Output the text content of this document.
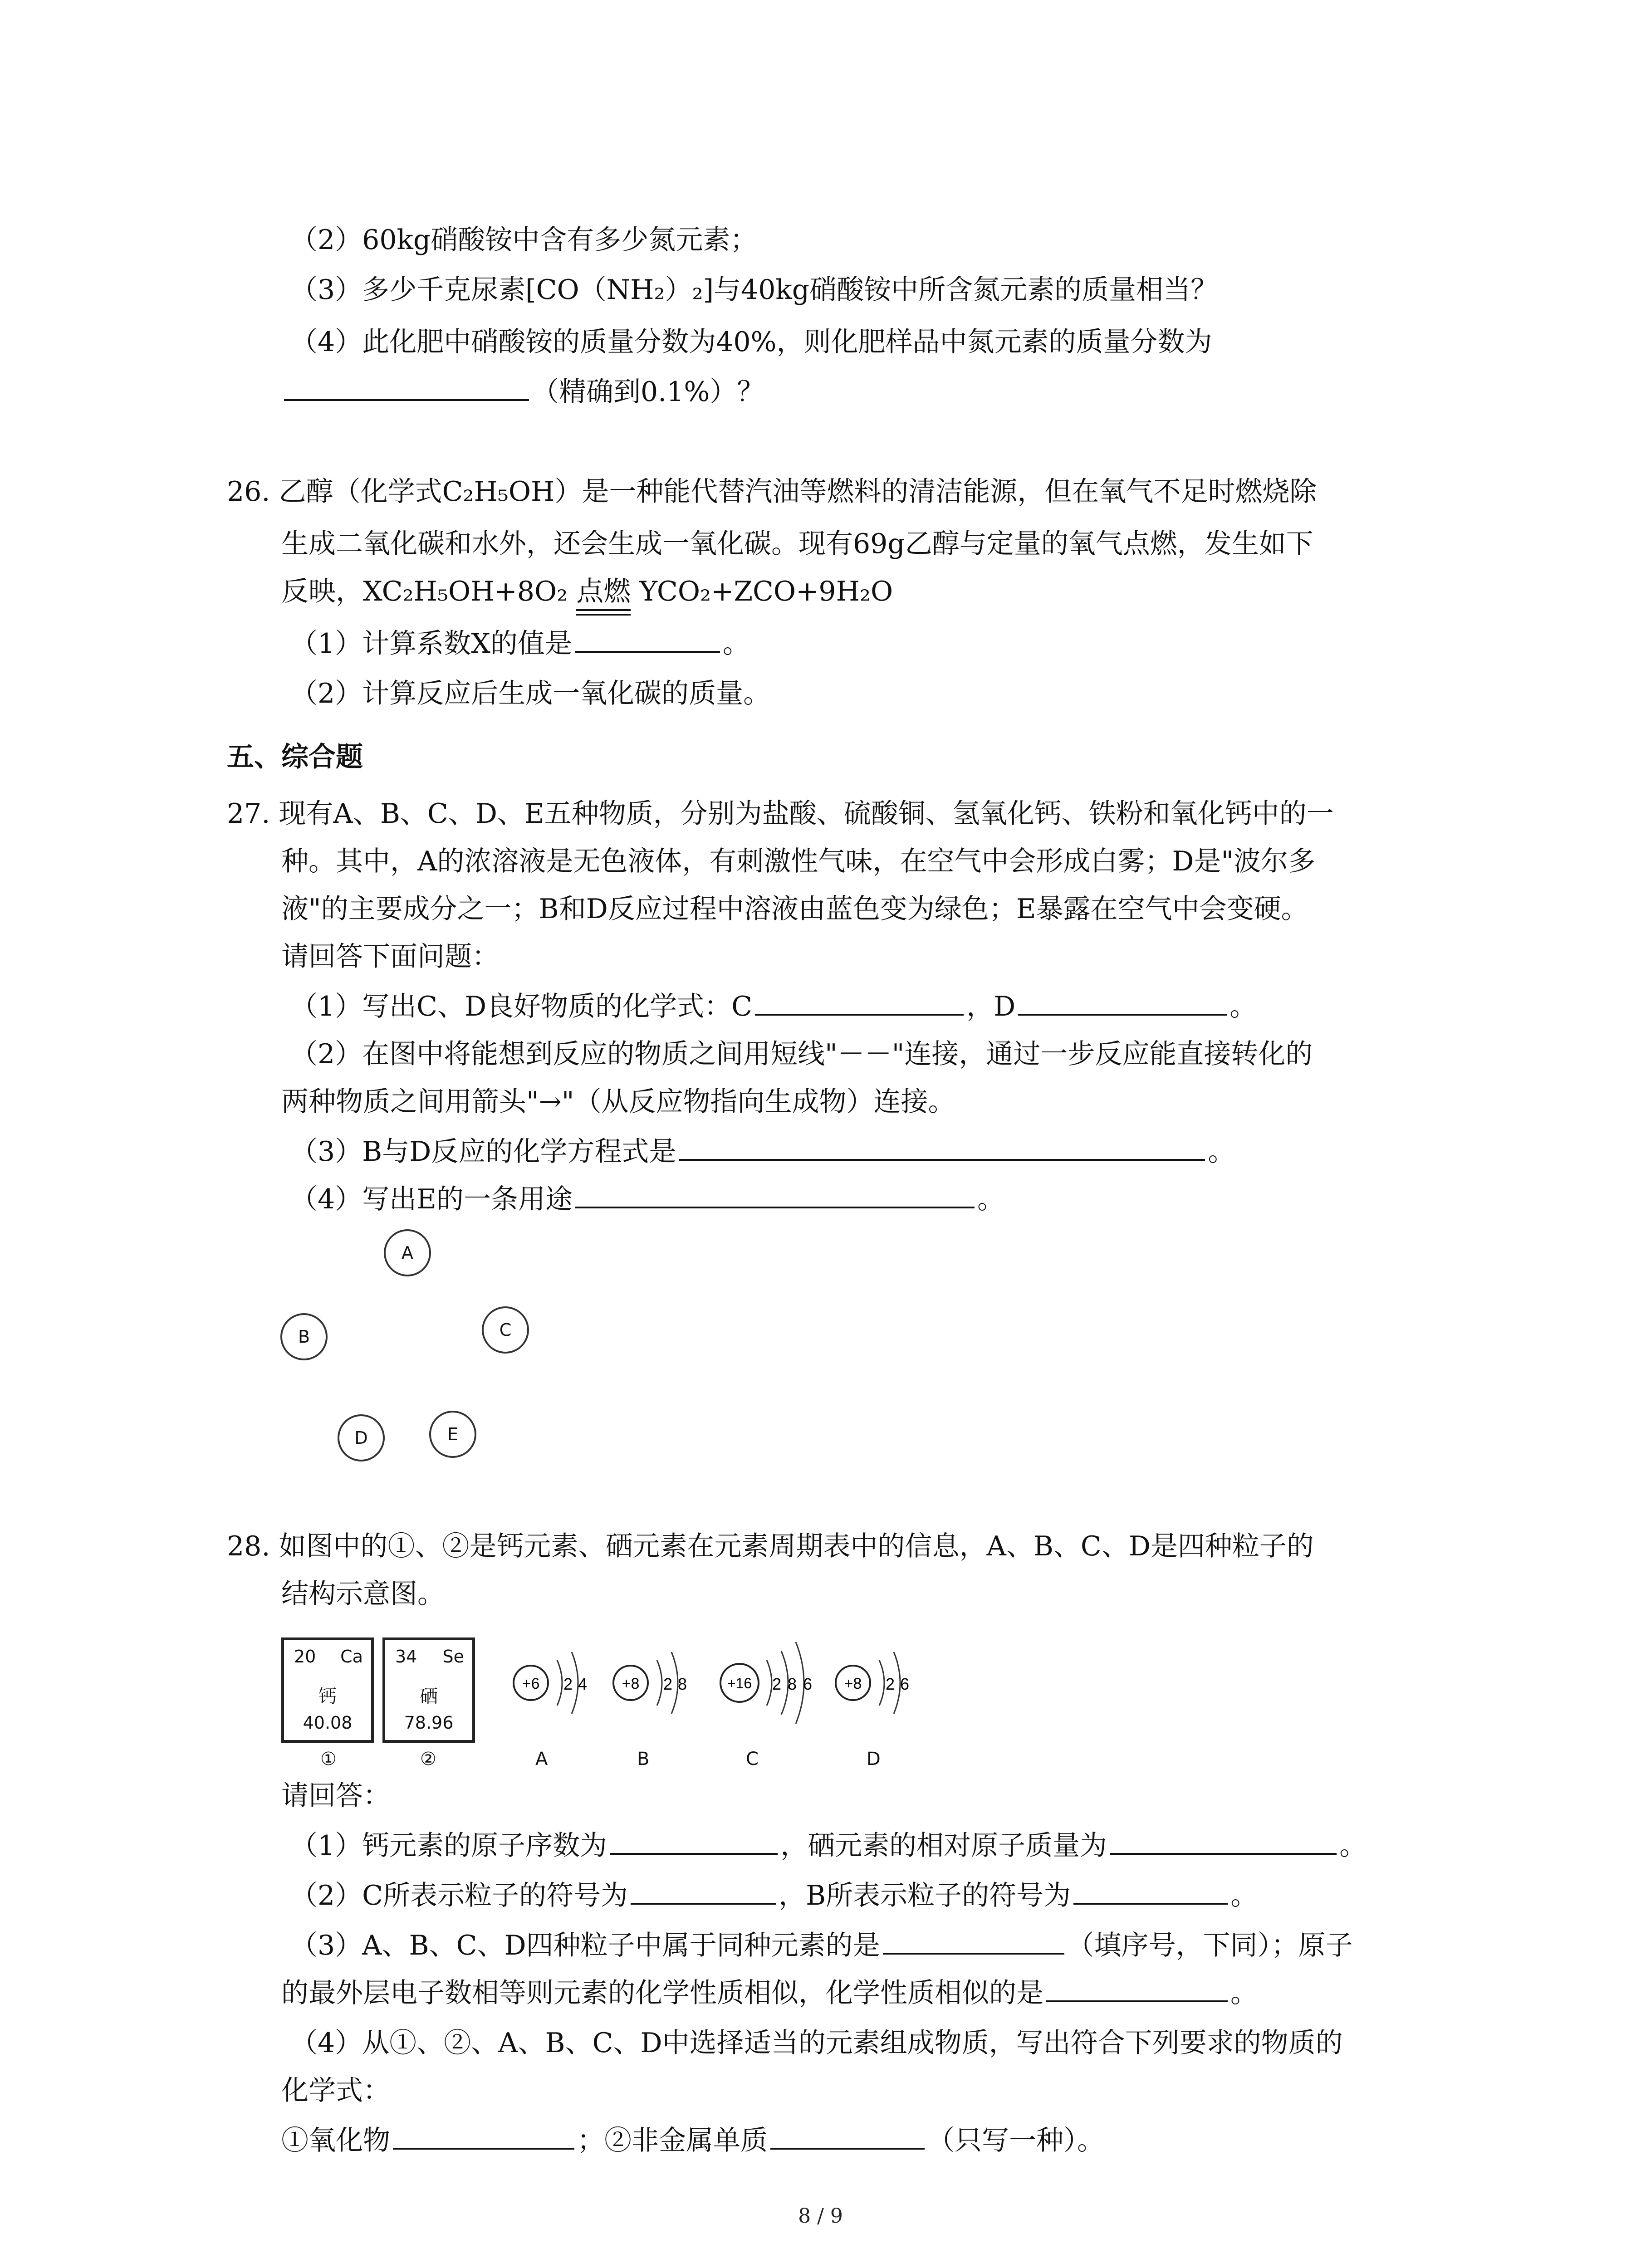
（2）60kg硝酸铵中含有多少氮元素；
（3）多少千克尿素[CO（NH₂）₂]与40kg硝酸铵中所含氮元素的质量相当？
（4）此化肥中硝酸铵的质量分数为40%，则化肥样品中氮元素的质量分数为
（精确到0.1%）？
26. 乙醇（化学式C₂H₅OH）是一种能代替汽油等燃料的清洁能源，但在氧气不足时燃烧除
生成二氧化碳和水外，还会生成一氧化碳。现有69g乙醇与定量的氧气点燃，发生如下
反映，XC₂H₅OH+8O₂ 点燃 YCO₂+ZCO+9H₂O
（1）计算系数X的值是	。
（2）计算反应后生成一氧化碳的质量。
五、综合题
27. 现有A、B、C、D、E五种物质，分别为盐酸、硫酸铜、氢氧化钙、铁粉和氧化钙中的一
种。其中，A的浓溶液是无色液体，有刺激性气味，在空气中会形成白雾；D是"波尔多
液"的主要成分之一；B和D反应过程中溶液由蓝色变为绿色；E暴露在空气中会变硬。
请回答下面问题：
（1）写出C、D良好物质的化学式：C	，D	。
（2）在图中将能想到反应的物质之间用短线"－－"连接，通过一步反应能直接转化的
两种物质之间用箭头"→"（从反应物指向生成物）连接。
（3）B与D反应的化学方程式是	。
（4）写出E的一条用途	。
A
B	C
D	E
28. 如图中的①、②是钙元素、硒元素在元素周期表中的信息，A、B、C、D是四种粒子的
结构示意图。
20 Ca
钙
40.08
34 Se
硒
78.96
①	②
+6 2 4 +8 2 8	+16 2 8 6 +8 2 6
A	B	C	D
请回答：
（1）钙元素的原子序数为	，硒元素的相对原子质量为	。
（2）C所表示粒子的符号为	，B所表示粒子的符号为	。
（3）A、B、C、D四种粒子中属于同种元素的是	（填序号，下同）；原子
的最外层电子数相等则元素的化学性质相似，化学性质相似的是	。
（4）从①、②、A、B、C、D中选择适当的元素组成物质，写出符合下列要求的物质的
化学式：
①氧化物	；②非金属单质	（只写一种）。
8 / 9
